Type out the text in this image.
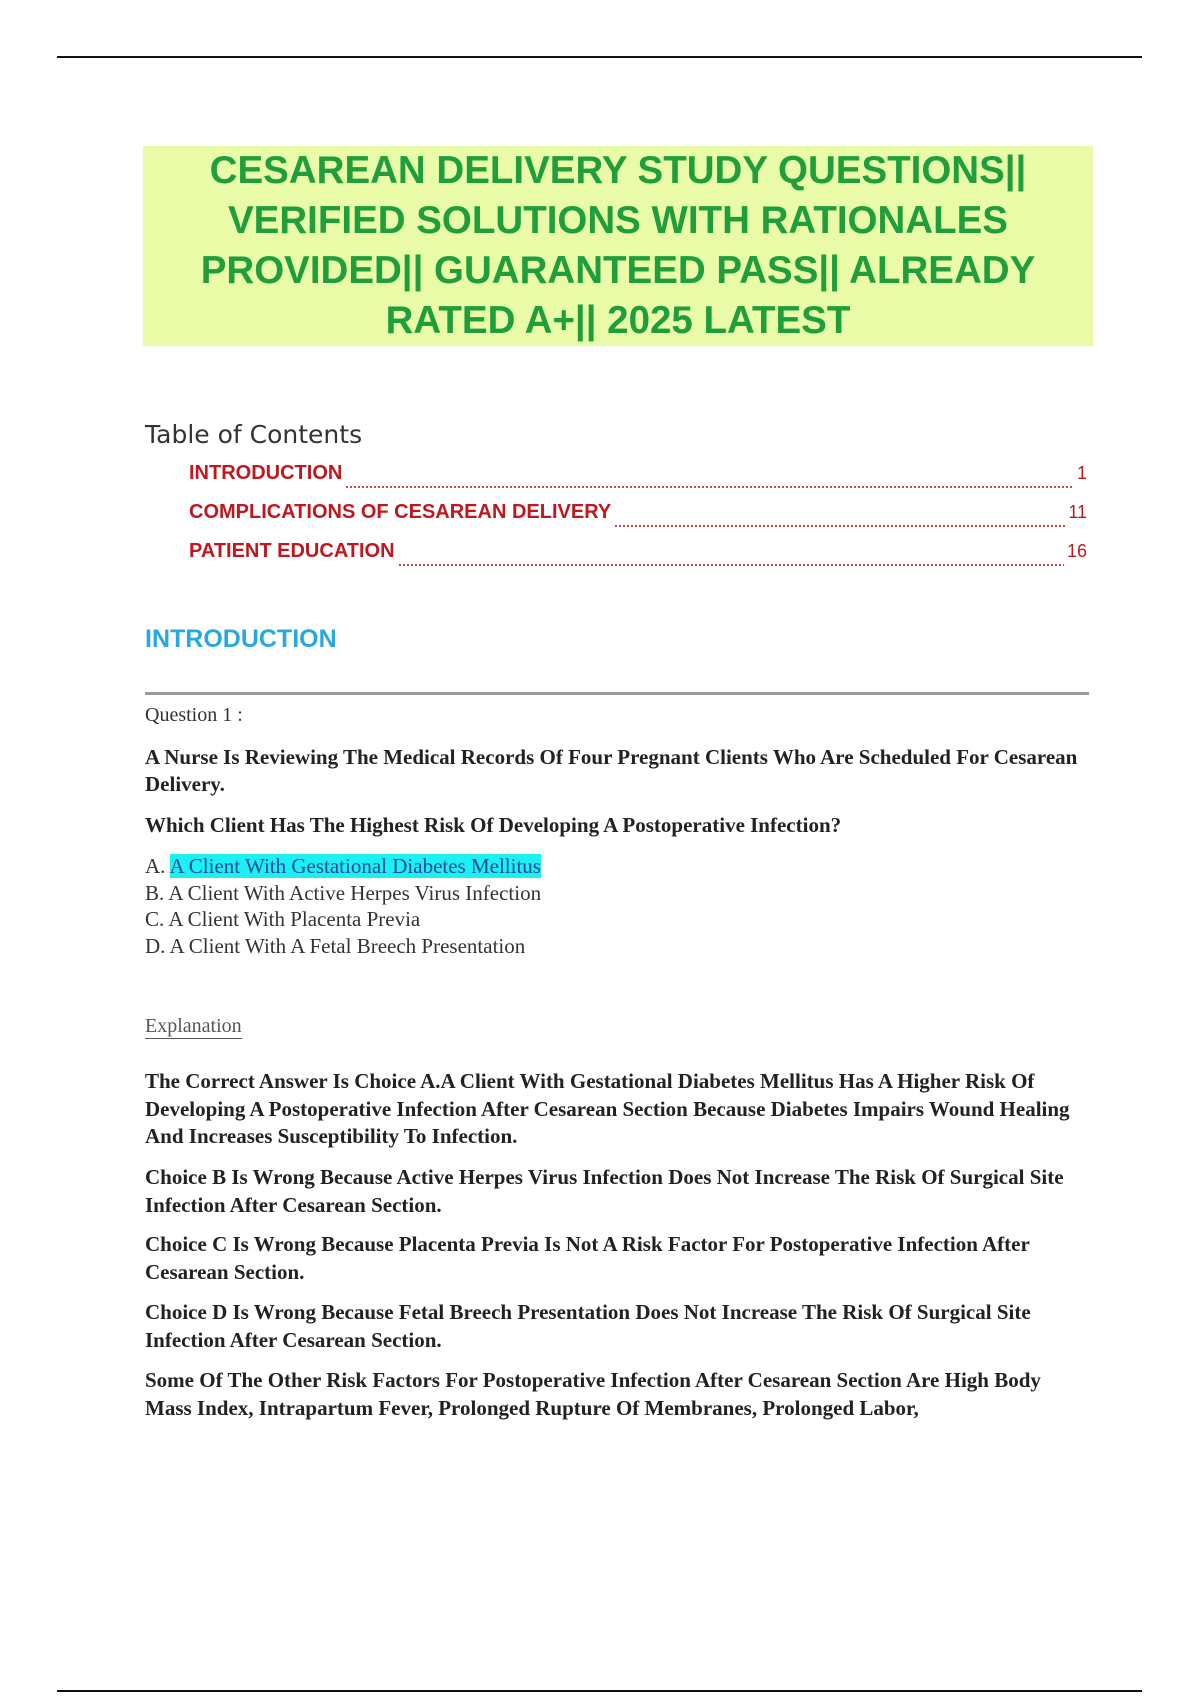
CESAREAN DELIVERY STUDY QUESTIONS|| VERIFIED SOLUTIONS WITH RATIONALES PROVIDED|| GUARANTEED PASS|| ALREADY RATED A+|| 2025 LATEST
Table of Contents
INTRODUCTION	1
COMPLICATIONS OF CESAREAN DELIVERY	11
PATIENT EDUCATION	16
INTRODUCTION

Question 1 :

A Nurse Is Reviewing The Medical Records Of Four Pregnant Clients Who Are Scheduled For Cesarean Delivery.

Which Client Has The Highest Risk Of Developing A Postoperative Infection?

A. A Client With Gestational Diabetes Mellitus
B. A Client With Active Herpes Virus Infection
C. A Client With Placenta Previa
D. A Client With A Fetal Breech Presentation

Explanation

The Correct Answer Is Choice A.A Client With Gestational Diabetes Mellitus Has A Higher Risk Of Developing A Postoperative Infection After Cesarean Section Because Diabetes Impairs Wound Healing And Increases Susceptibility To Infection.

Choice B Is Wrong Because Active Herpes Virus Infection Does Not Increase The Risk Of Surgical Site Infection After Cesarean Section.

Choice C Is Wrong Because Placenta Previa Is Not A Risk Factor For Postoperative Infection After Cesarean Section.

Choice D Is Wrong Because Fetal Breech Presentation Does Not Increase The Risk Of Surgical Site Infection After Cesarean Section.

Some Of The Other Risk Factors For Postoperative Infection After Cesarean Section Are High Body Mass Index, Intrapartum Fever, Prolonged Rupture Of Membranes, Prolonged Labor,
